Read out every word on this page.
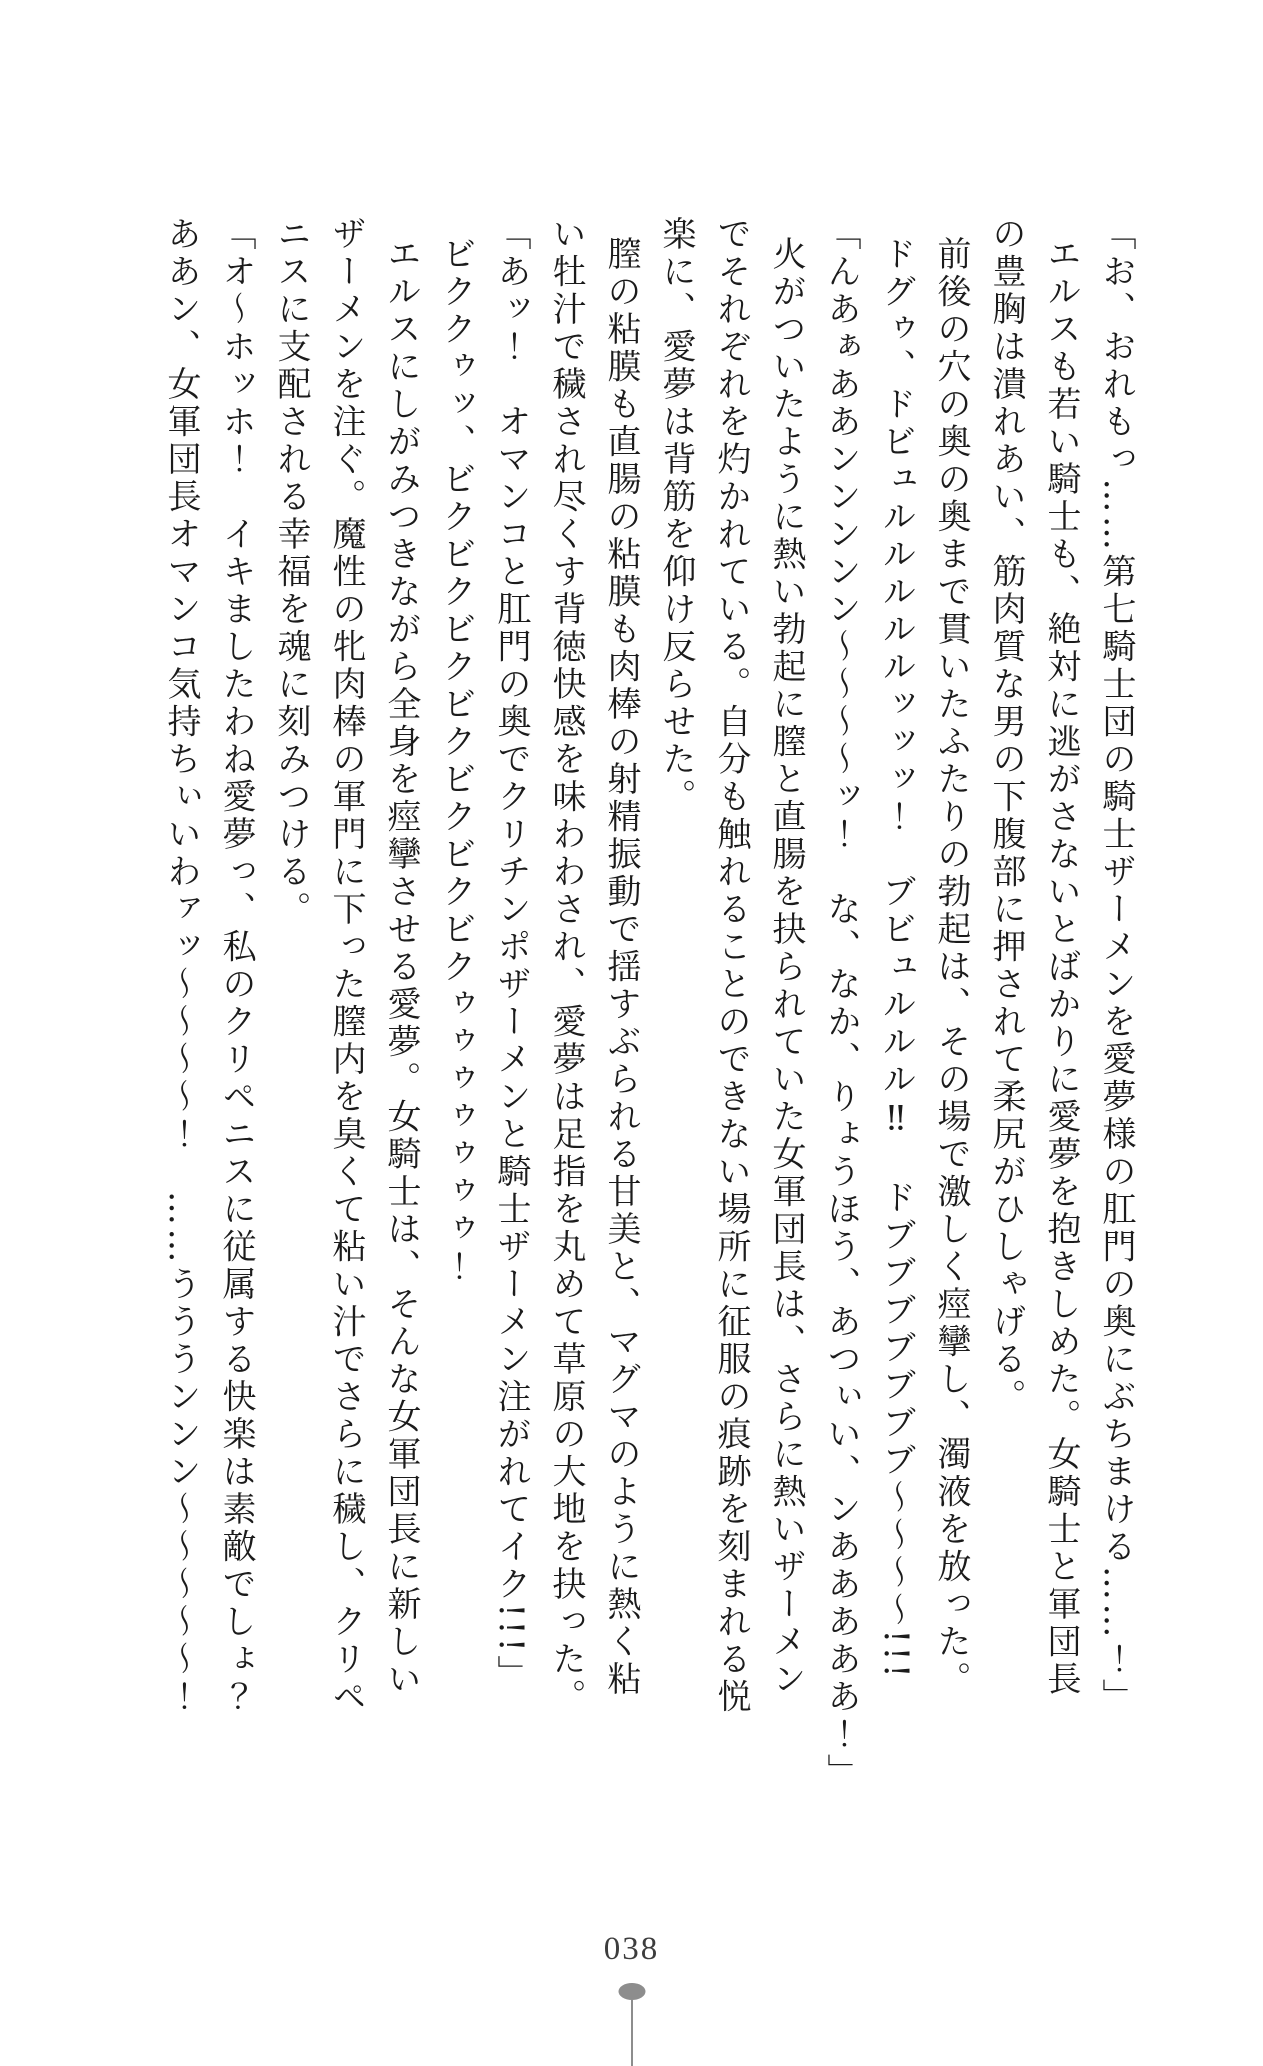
「お、おれもっ……第七騎士団の騎士ザーメンを愛夢様の肛門の奥にぶちまける……！」
エルスも若い騎士も、絶対に逃がさないとばかりに愛夢を抱きしめた。女騎士と軍団長
の豊胸は潰れあい、筋肉質な男の下腹部に押されて柔尻がひしゃげる。
前後の穴の奥の奥まで貫いたふたりの勃起は、その場で激しく痙攣し、濁液を放った。
ドグゥ、ドビュルルルルルッッッ！　ブビュルルル‼　ドブブブブブブブ～～～～!!!
「んあぁああンンンンン～～～～ッ！　な、なか、りょうほう、あつぃい、ンあああああ！」
火がついたように熱い勃起に膣と直腸を抉られていた女軍団長は、さらに熱いザーメン
でそれぞれを灼かれている。自分も触れることのできない場所に征服の痕跡を刻まれる悦
楽に、愛夢は背筋を仰け反らせた。
膣の粘膜も直腸の粘膜も肉棒の射精振動で揺すぶられる甘美と、マグマのように熱く粘
い牡汁で穢され尽くす背徳快感を味わわされ、愛夢は足指を丸めて草原の大地を抉った。
「あッ！　オマンコと肛門の奥でクリチンポザーメンと騎士ザーメン注がれてイク!!!」
ビククゥッ、ビクビクビクビクビクビクビクゥゥゥゥゥゥゥ！
エルスにしがみつきながら全身を痙攣させる愛夢。女騎士は、そんな女軍団長に新しい
ザーメンを注ぐ。魔性の牝肉棒の軍門に下った膣内を臭くて粘い汁でさらに穢し、クリペ
ニスに支配される幸福を魂に刻みつける。
「オ～ホッホ！　イキましたわね愛夢っ、私のクリペニスに従属する快楽は素敵でしょ？
ああン、女軍団長オマンコ気持ちぃいわァッ～～～～！　……うううンンン～～～～～！
038
